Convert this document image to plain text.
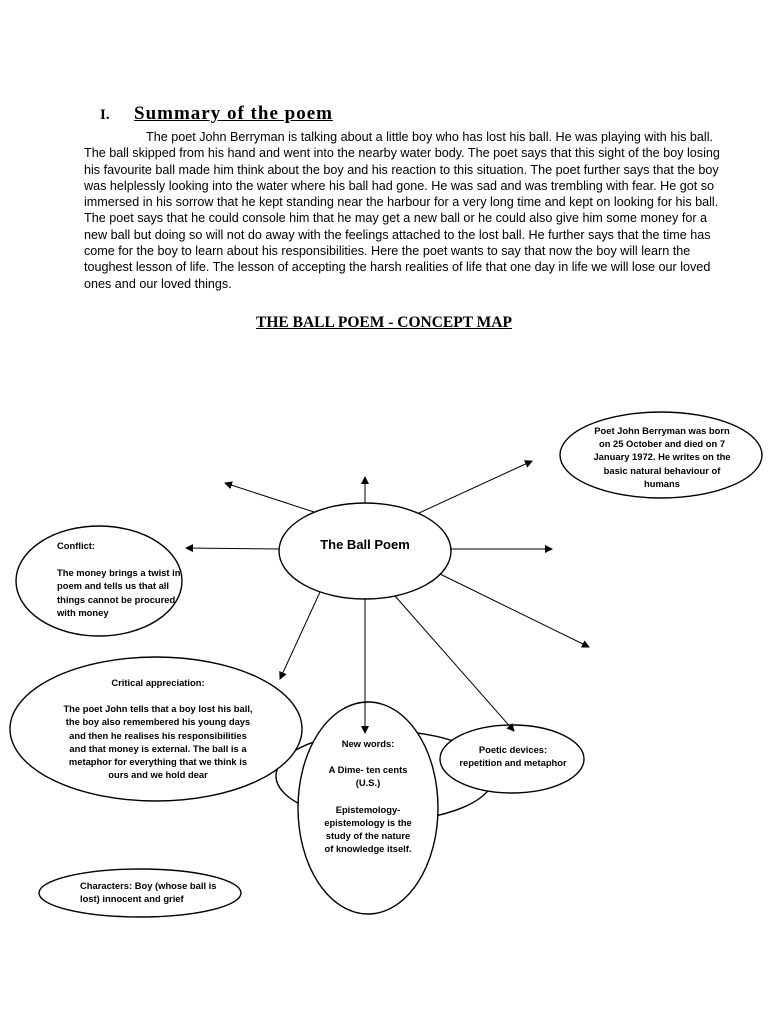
I.	Summary of the poem

The poet John Berryman is talking about a little boy who has lost his ball. He was playing with his ball. The ball skipped from his hand and went into the nearby water body. The poet says that this sight of the boy losing his favourite ball made him think about the boy and his reaction to this situation. The poet further says that the boy was helplessly looking into the water where his ball had gone. He was sad and was trembling with fear. He got so immersed in his sorrow that he kept standing near the harbour for a very long time and kept on looking for his ball. The poet says that he could console him that he may get a new ball or he could also give him some money for a new ball but doing so will not do away with the feelings attached to the lost ball. He further says that the time has come for the boy to learn about his responsibilities. Here the poet wants to say that now the boy will learn the toughest lesson of life. The lesson of accepting the harsh realities of life that one day in life we will lose our loved ones and our loved things.

THE BALL POEM - CONCEPT MAP
The Ball Poem

Poet John Berryman was born on 25 October and died on 7 January 1972. He writes on the basic natural behaviour of humans

Conflict:

The money brings a twist in poem and tells us that all things cannot be procured with money

Critical appreciation:

The poet John tells that a boy lost his ball, the boy also remembered his young days and then he realises his responsibilities and that money is external. The ball is a metaphor for everything that we think is ours and we hold dear

New words:

A Dime- ten cents (U.S.)

Epistemology- epistemology is the study of the nature of knowledge itself.

Poetic devices:

repetition and metaphor

Characters: Boy (whose ball is lost) innocent and grief
